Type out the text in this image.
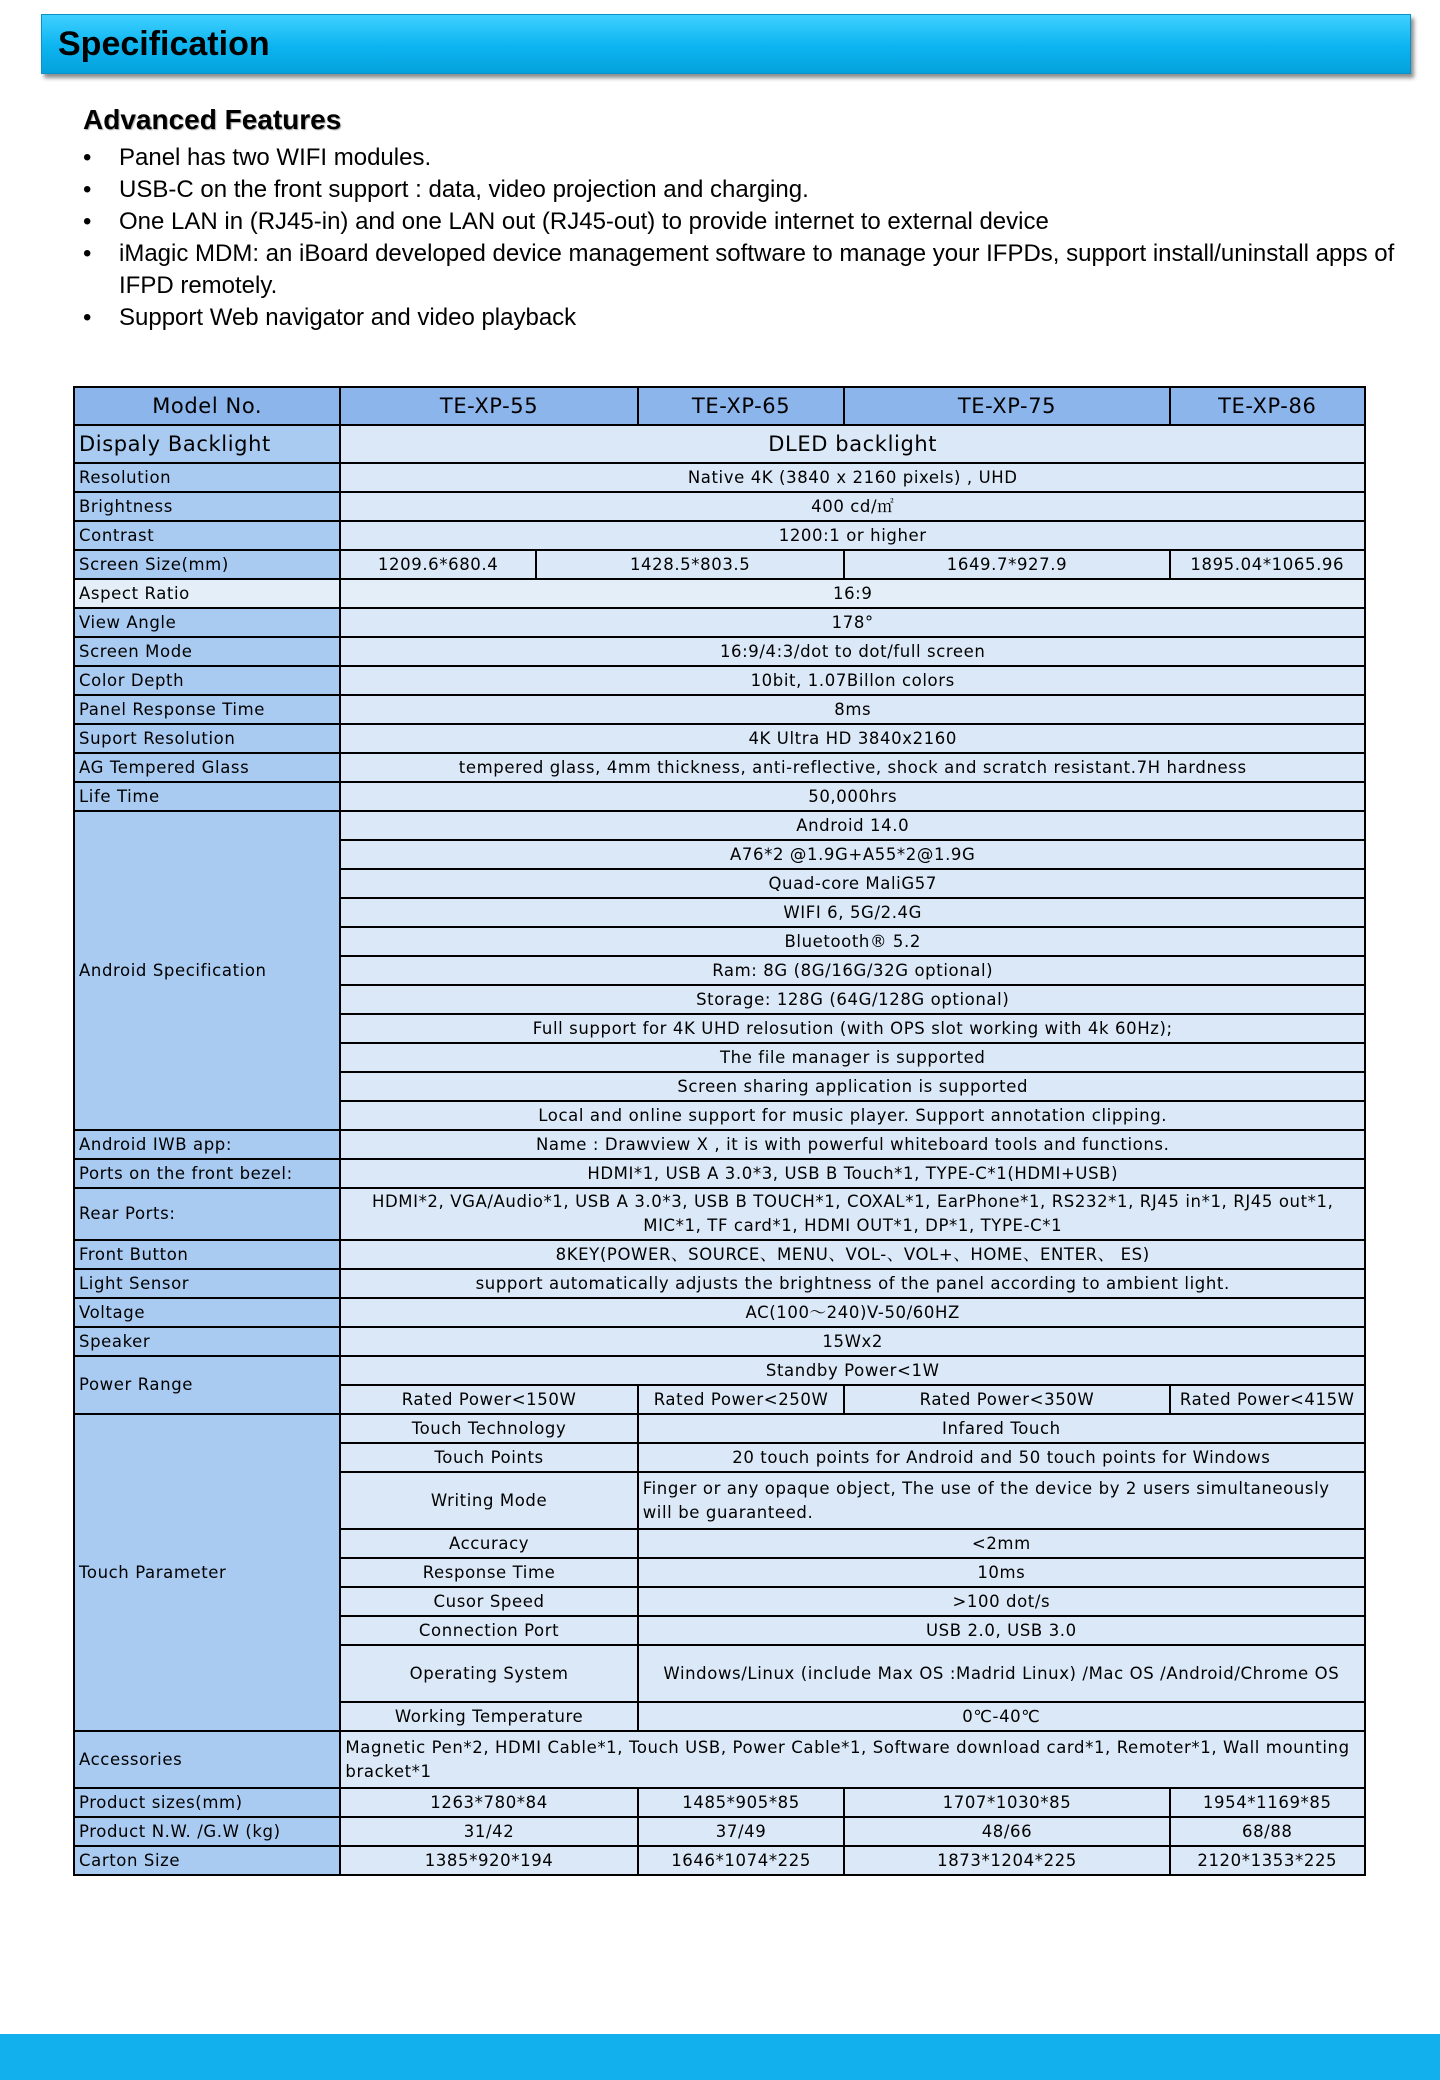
Specification
Advanced Features
• Panel has two WIFI modules.
• USB-C on the front support : data, video projection and charging.
• One LAN in (RJ45-in) and one LAN out (RJ45-out) to provide internet to external device
• iMagic MDM: an iBoard developed device management software to manage your IFPDs, support install/uninstall apps of IFPD remotely.
• Support Web navigator and video playback
Model No.	TE-XP-55		TE-XP-65	TE-XP-75	TE-XP-86
Dispaly Backlight	DLED backlight				
Resolution	Native 4K (3840 x 2160 pixels) , UHD				
Brightness	400 cd/㎡				
Contrast	1200:1 or higher				
Screen Size(mm)	1209.6*680.4	1428.5*803.5		1649.7*927.9	1895.04*1065.96
Aspect Ratio	16:9				
View Angle	178°				
Screen Mode	16:9/4:3/dot to dot/full screen				
Color Depth	10bit, 1.07Billon colors				
Panel Response Time	8ms				
Suport Resolution	4K Ultra HD 3840x2160				
AG Tempered Glass	tempered glass, 4mm thickness, anti-reflective, shock and scratch resistant.7H hardness				
Life Time	50,000hrs				
Android Specification	Android 14.0				
	A76*2 @1.9G+A55*2@1.9G				
	Quad-core MaliG57				
	WIFI 6, 5G/2.4G				
	Bluetooth® 5.2				
	Ram: 8G (8G/16G/32G optional)				
	Storage: 128G (64G/128G optional)				
	Full support for 4K UHD relosution (with OPS slot working with 4k 60Hz);				
	The file manager is supported				
	Screen sharing application is supported				
	Local and online support for music player. Support annotation clipping.				
Android IWB app:	Name : Drawview X , it is with powerful whiteboard tools and functions.				
Ports on the front bezel:	HDMI*1, USB A 3.0*3, USB B Touch*1, TYPE-C*1(HDMI+USB)				
Rear Ports:	HDMI*2, VGA/Audio*1, USB A 3.0*3, USB B TOUCH*1, COXAL*1, EarPhone*1, RS232*1, RJ45 in*1, RJ45 out*1, MIC*1, TF card*1, HDMI OUT*1, DP*1, TYPE-C*1				
Front Button	8KEY(POWER、SOURCE、MENU、VOL-、VOL+、HOME、ENTER、 ES)				
Light Sensor	support automatically adjusts the brightness of the panel according to ambient light.				
Voltage	AC(100～240)V-50/60HZ				
Speaker	15Wx2				
Power Range	Standby Power<1W				
	Rated Power<150W		Rated Power<250W	Rated Power<350W	Rated Power<415W
Touch Parameter	Touch Technology		Infared Touch		
	Touch Points		20 touch points for Android and 50 touch points for Windows		
	Writing Mode		Finger or any opaque object, The use of the device by 2 users simultaneously will be guaranteed.		
	Accuracy		<2mm		
	Response Time		10ms		
	Cusor Speed		>100 dot/s		
	Connection Port		USB 2.0, USB 3.0		
	Operating System		Windows/Linux (include Max OS :Madrid Linux) /Mac OS /Android/Chrome OS		
	Working Temperature		0℃-40℃		
Accessories	Magnetic Pen*2, HDMI Cable*1, Touch USB, Power Cable*1, Software download card*1, Remoter*1, Wall mounting bracket*1				
Product sizes(mm)	1263*780*84		1485*905*85	1707*1030*85	1954*1169*85
Product N.W. /G.W (kg)	31/42		37/49	48/66	68/88
Carton Size	1385*920*194		1646*1074*225	1873*1204*225	2120*1353*225
